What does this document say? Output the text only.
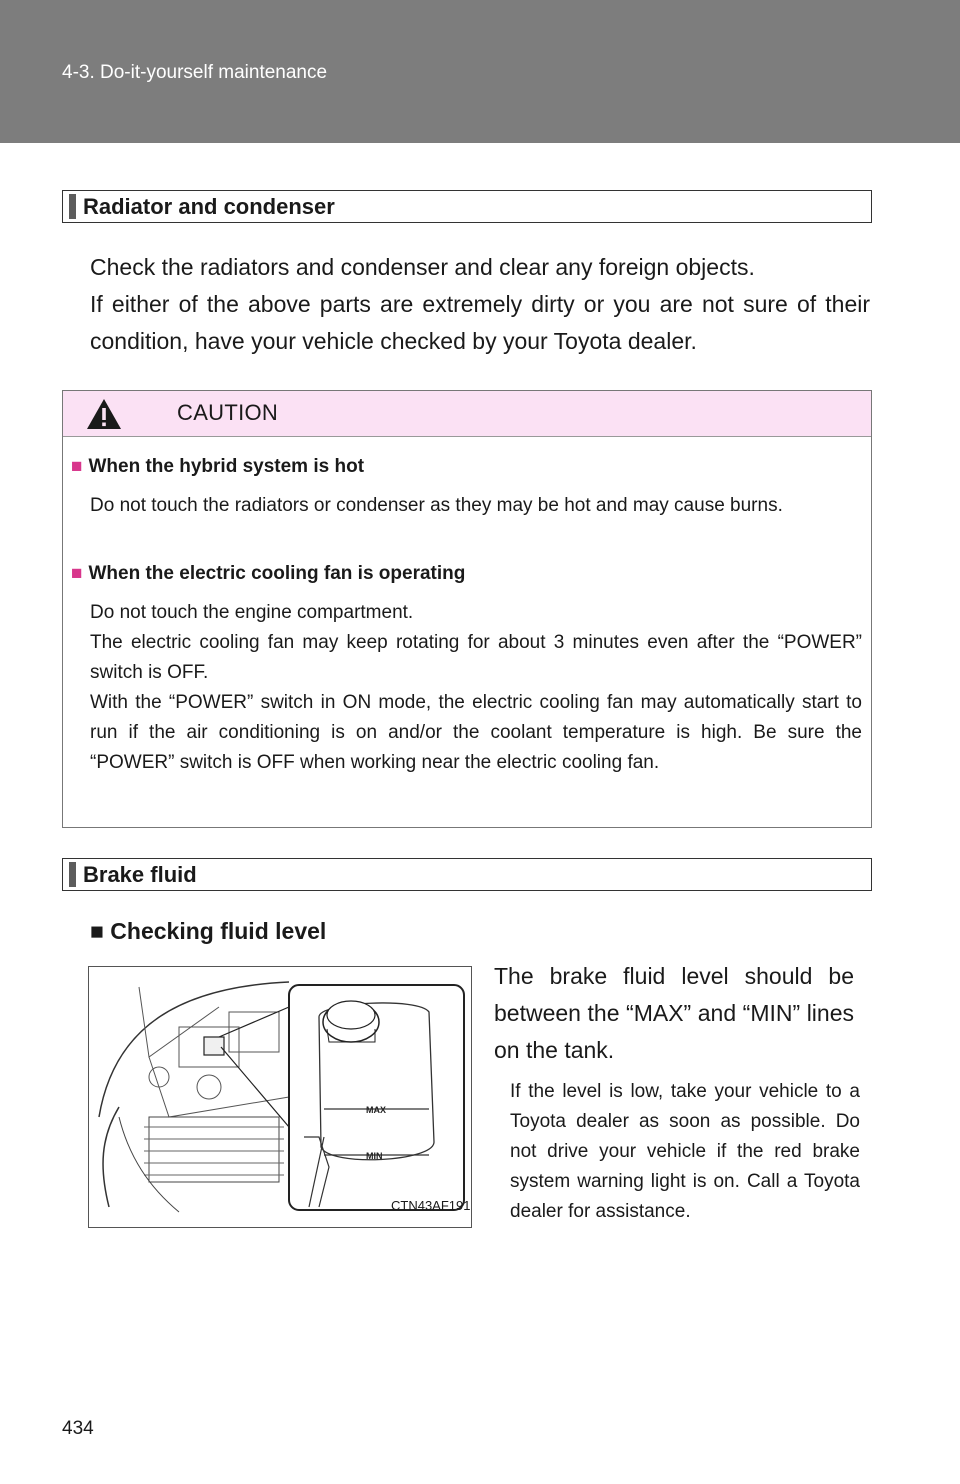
4-3. Do-it-yourself maintenance
Radiator and condenser
Check the radiators and condenser and clear any foreign objects.
If either of the above parts are extremely dirty or you are not sure of their condition, have your vehicle checked by your Toyota dealer.
CAUTION
■ When the hybrid system is hot
Do not touch the radiators or condenser as they may be hot and may cause burns.
■ When the electric cooling fan is operating
Do not touch the engine compartment.
The electric cooling fan may keep rotating for about 3 minutes even after the “POWER” switch is OFF.
With the “POWER” switch in ON mode, the electric cooling fan may automatically start to run if the air conditioning is on and/or the coolant temperature is high. Be sure the “POWER” switch is OFF when working near the electric cooling fan.
Brake fluid
■ Checking fluid level
MAX
MIN
CTN43AF191
The brake fluid level should be between the “MAX” and “MIN” lines on the tank.
If the level is low, take your vehicle to a Toyota dealer as soon as possible. Do not drive your vehicle if the red brake system warning light is on. Call a Toyota dealer for assistance.
434
